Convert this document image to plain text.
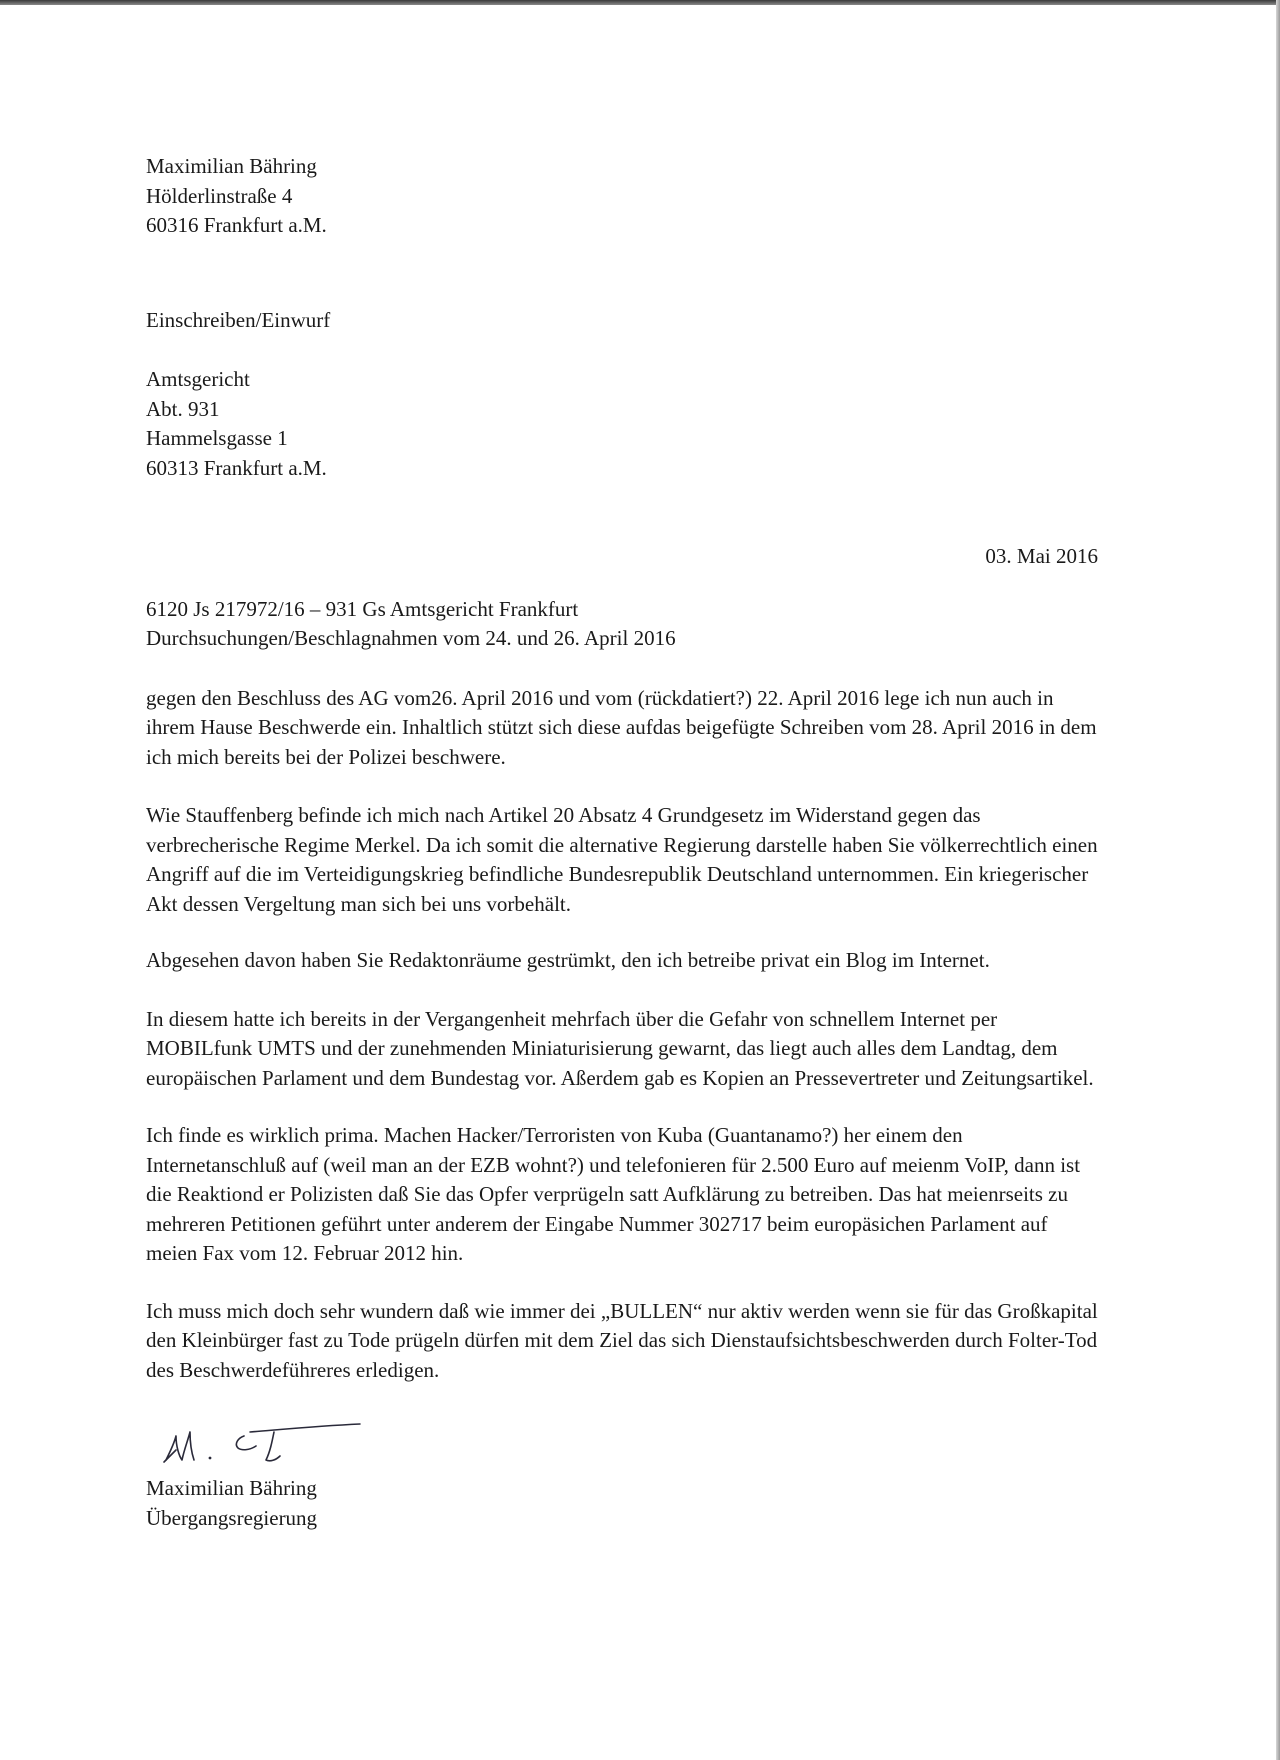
Maximilian Bähring

Hölderlinstraße 4

60316 Frankfurt a.M.

Einschreiben/Einwurf

Amtsgericht

Abt. 931

Hammelsgasse 1

60313 Frankfurt a.M.

03. Mai 2016

6120 Js 217972/16 – 931 Gs Amtsgericht Frankfurt

Durchsuchungen/Beschlagnahmen vom 24. und 26. April 2016

gegen den Beschluss des AG vom26. April 2016 und vom (rückdatiert?) 22. April 2016 lege ich nun auch in ihrem Hause Beschwerde ein. Inhaltlich stützt sich diese aufdas beigefügte Schreiben vom 28. April 2016 in dem ich mich bereits bei der Polizei beschwere.

Wie Stauffenberg befinde ich mich nach Artikel 20 Absatz 4 Grundgesetz im Widerstand gegen das verbrecherische Regime Merkel. Da ich somit die alternative Regierung darstelle haben Sie völkerrechtlich einen Angriff auf die im Verteidigungskrieg befindliche Bundesrepublik Deutschland unternommen. Ein kriegerischer Akt dessen Vergeltung man sich bei uns vorbehält.

Abgesehen davon haben Sie Redaktonräume gestrümkt, den ich betreibe privat ein Blog im Internet.

In diesem hatte ich bereits in der Vergangenheit mehrfach über die Gefahr von schnellem Internet per MOBILfunk UMTS und der zunehmenden Miniaturisierung gewarnt, das liegt auch alles dem Landtag, dem europäischen Parlament und dem Bundestag vor. Aßerdem gab es Kopien an Pressevertreter und Zeitungsartikel.

Ich finde es wirklich prima. Machen Hacker/Terroristen von Kuba (Guantanamo?) her einem den Internetanschluß auf (weil man an der EZB wohnt?) und telefonieren für 2.500 Euro auf meienm VoIP, dann ist die Reaktiond er Polizisten daß Sie das Opfer verprügeln satt Aufklärung zu betreiben. Das hat meienrseits zu mehreren Petitionen geführt unter anderem der Eingabe Nummer 302717 beim europäsichen Parlament auf meien Fax vom 12. Februar 2012 hin.

Ich muss mich doch sehr wundern daß wie immer dei „BULLEN“ nur aktiv werden wenn sie für das Großkapital den Kleinbürger fast zu Tode prügeln dürfen mit dem Ziel das sich Dienstaufsichtsbeschwerden durch Folter-Tod des Beschwerdeführeres erledigen.

Maximilian Bähring

Übergangsregierung
